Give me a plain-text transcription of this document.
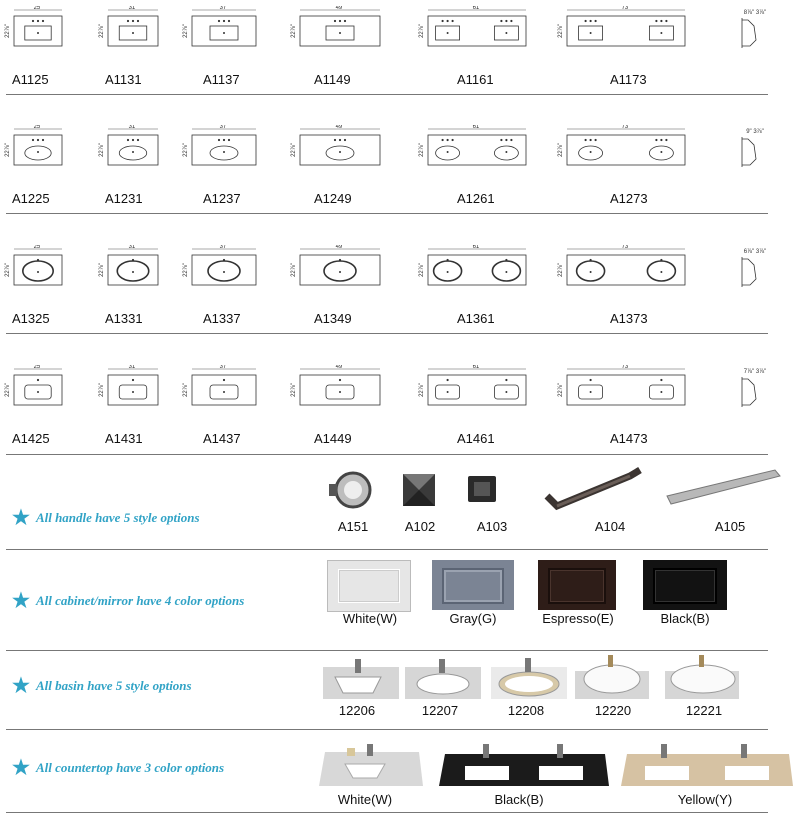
25"
22⅞"
31"
22⅞"
37"
22⅞"
49"
22⅞"
61"
22⅞"
73"
22⅞"
8⅞" 3⅞"
A1125	A1131	A1137	A1149	A1161	A1173
25"
22⅞"
31"
22⅞"
37"
22⅞"
49"
22⅞"
61"
22⅞"
73"
22⅞"
9" 3⅞"
A1225	A1231	A1237	A1249	A1261	A1273
25"
22⅞"
31"
22⅞"
37"
22⅞"
49"
22⅞"
61"
22⅞"
73"
22⅞"
6⅞" 3⅞"
A1325	A1331	A1337	A1349	A1361	A1373
25"
22⅞"
31"
22⅞"
37"
22⅞"
49"
22⅞"
61"
22⅞"
73"
22⅞"
7⅞" 3⅞"
A1425	A1431	A1437	A1449	A1461	A1473
★ All handle have 5 style options
★ All cabinet/mirror have 4 color options
★ All basin have 5 style options
★ All countertop have 3 color options
A151	A102	A103	A104	A105
White(W)	Gray(G)	Espresso(E)	Black(B)
12206	12207	12208	12220	12221
White(W)	Black(B)	Yellow(Y)
